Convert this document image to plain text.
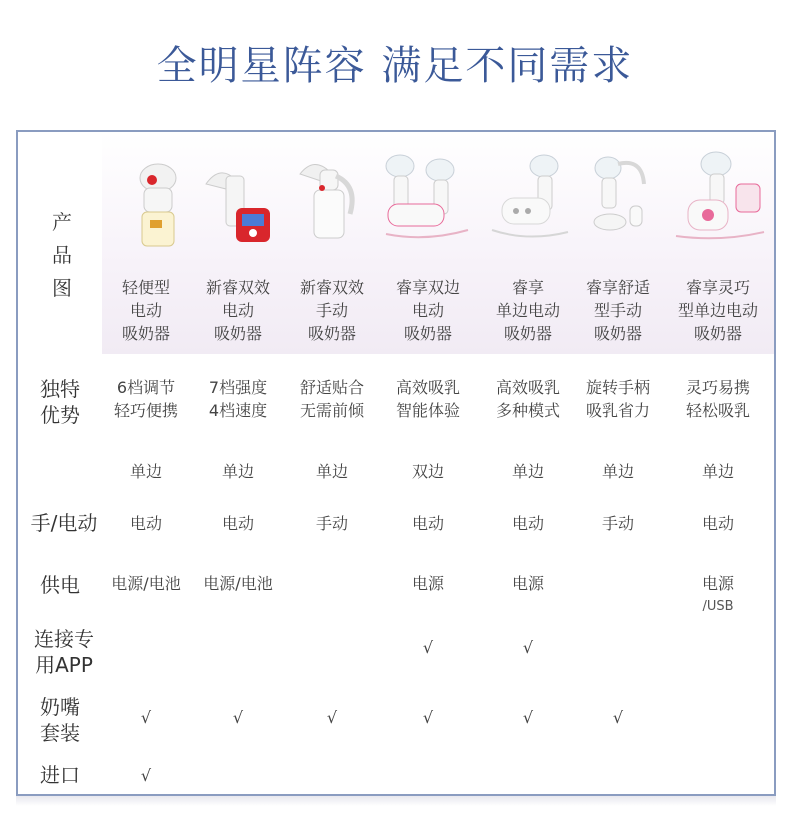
全明星阵容 满足不同需求
产
品
图
独特
优势
手/电动
供电
连接专
用APP
奶嘴
套装
进口
轻便型
电动
吸奶器
6档调节
轻巧便携
单边
电动
电源/电池
√
√
新睿双效
电动
吸奶器
7档强度
4档速度
单边
电动
电源/电池
√
新睿双效
手动
吸奶器
舒适贴合
无需前倾
单边
手动
√
睿享双边
电动
吸奶器
高效吸乳
智能体验
双边
电动
电源
√
√
睿享
单边电动
吸奶器
高效吸乳
多种模式
单边
电动
电源
√
√
睿享舒适
型手动
吸奶器
旋转手柄
吸乳省力
单边
手动
√
睿享灵巧
型单边电动
吸奶器
灵巧易携
轻松吸乳
单边
电动
电源
/USB
